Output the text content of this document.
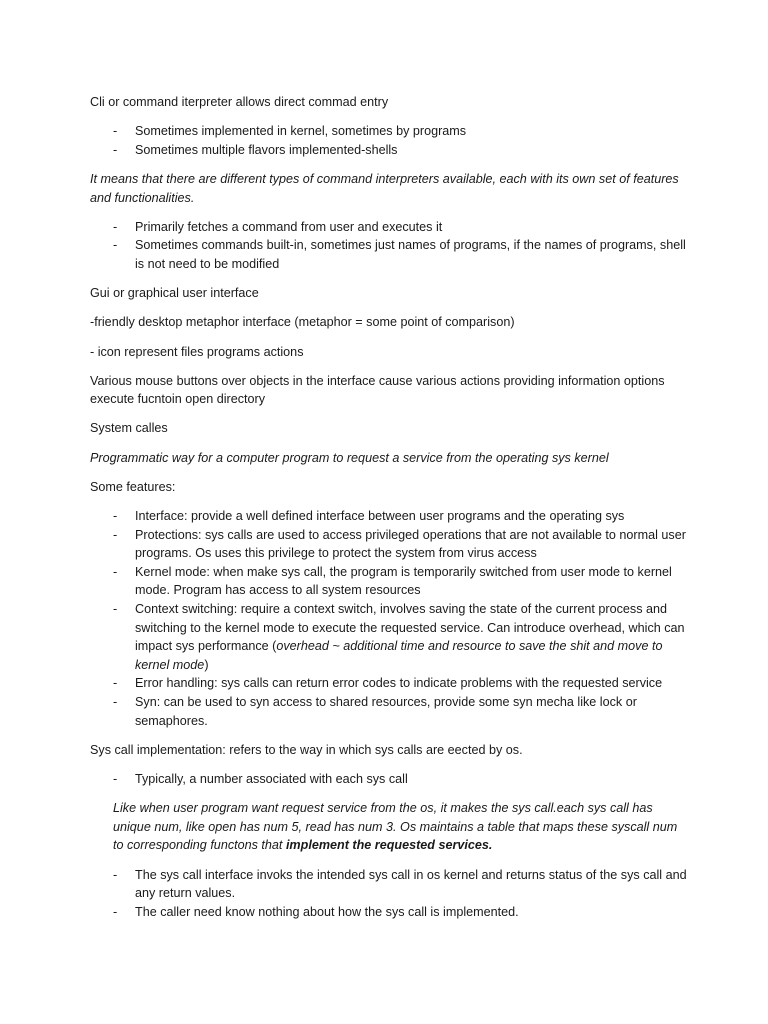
Cli or command iterpreter allows direct commad entry

- Sometimes implemented in kernel, sometimes by programs
- Sometimes multiple flavors implemented-shells

It means that there are different types of command interpreters available, each with its own set of features and functionalities.

- Primarily fetches a command from user and executes it
- Sometimes commands built-in, sometimes just names of programs, if the names of programs, shell is not need to be modified

Gui or graphical user interface

-friendly desktop metaphor interface (metaphor = some point of comparison)

- icon represent files programs actions

Various mouse buttons over objects in the interface cause various actions providing information options execute fucntoin open directory

System calles

Programmatic way for a computer program to request a service from the operating sys kernel

Some features:

- Interface: provide a well defined interface between user programs and the operating sys
- Protections: sys calls are used to access privileged operations that are not available to normal user programs. Os uses this privilege to protect the system from virus access
- Kernel mode: when make sys call, the program is temporarily switched from user mode to kernel mode. Program has access to all system resources
- Context switching: require a context switch, involves saving the state of the current process and switching to the kernel mode to execute the requested service. Can introduce overhead, which can impact sys performance (overhead ~ additional time and resource to save the shit and move to kernel mode)
- Error handling: sys calls can return error codes to indicate problems with the requested service
- Syn: can be used to syn access to shared resources, provide some syn mecha like lock or semaphores.

Sys call implementation: refers to the way in which sys calls are eected by os.

- Typically, a number associated with each sys call

Like when user program want request service from the os, it makes the sys call.each sys call has unique num, like open has num 5, read has num 3. Os maintains a table that maps these syscall num to corresponding functons that implement the requested services.

- The sys call interface invoks the intended sys call in os kernel and returns status of the sys call and any return values.
- The caller need know nothing about how the sys call is implemented.
